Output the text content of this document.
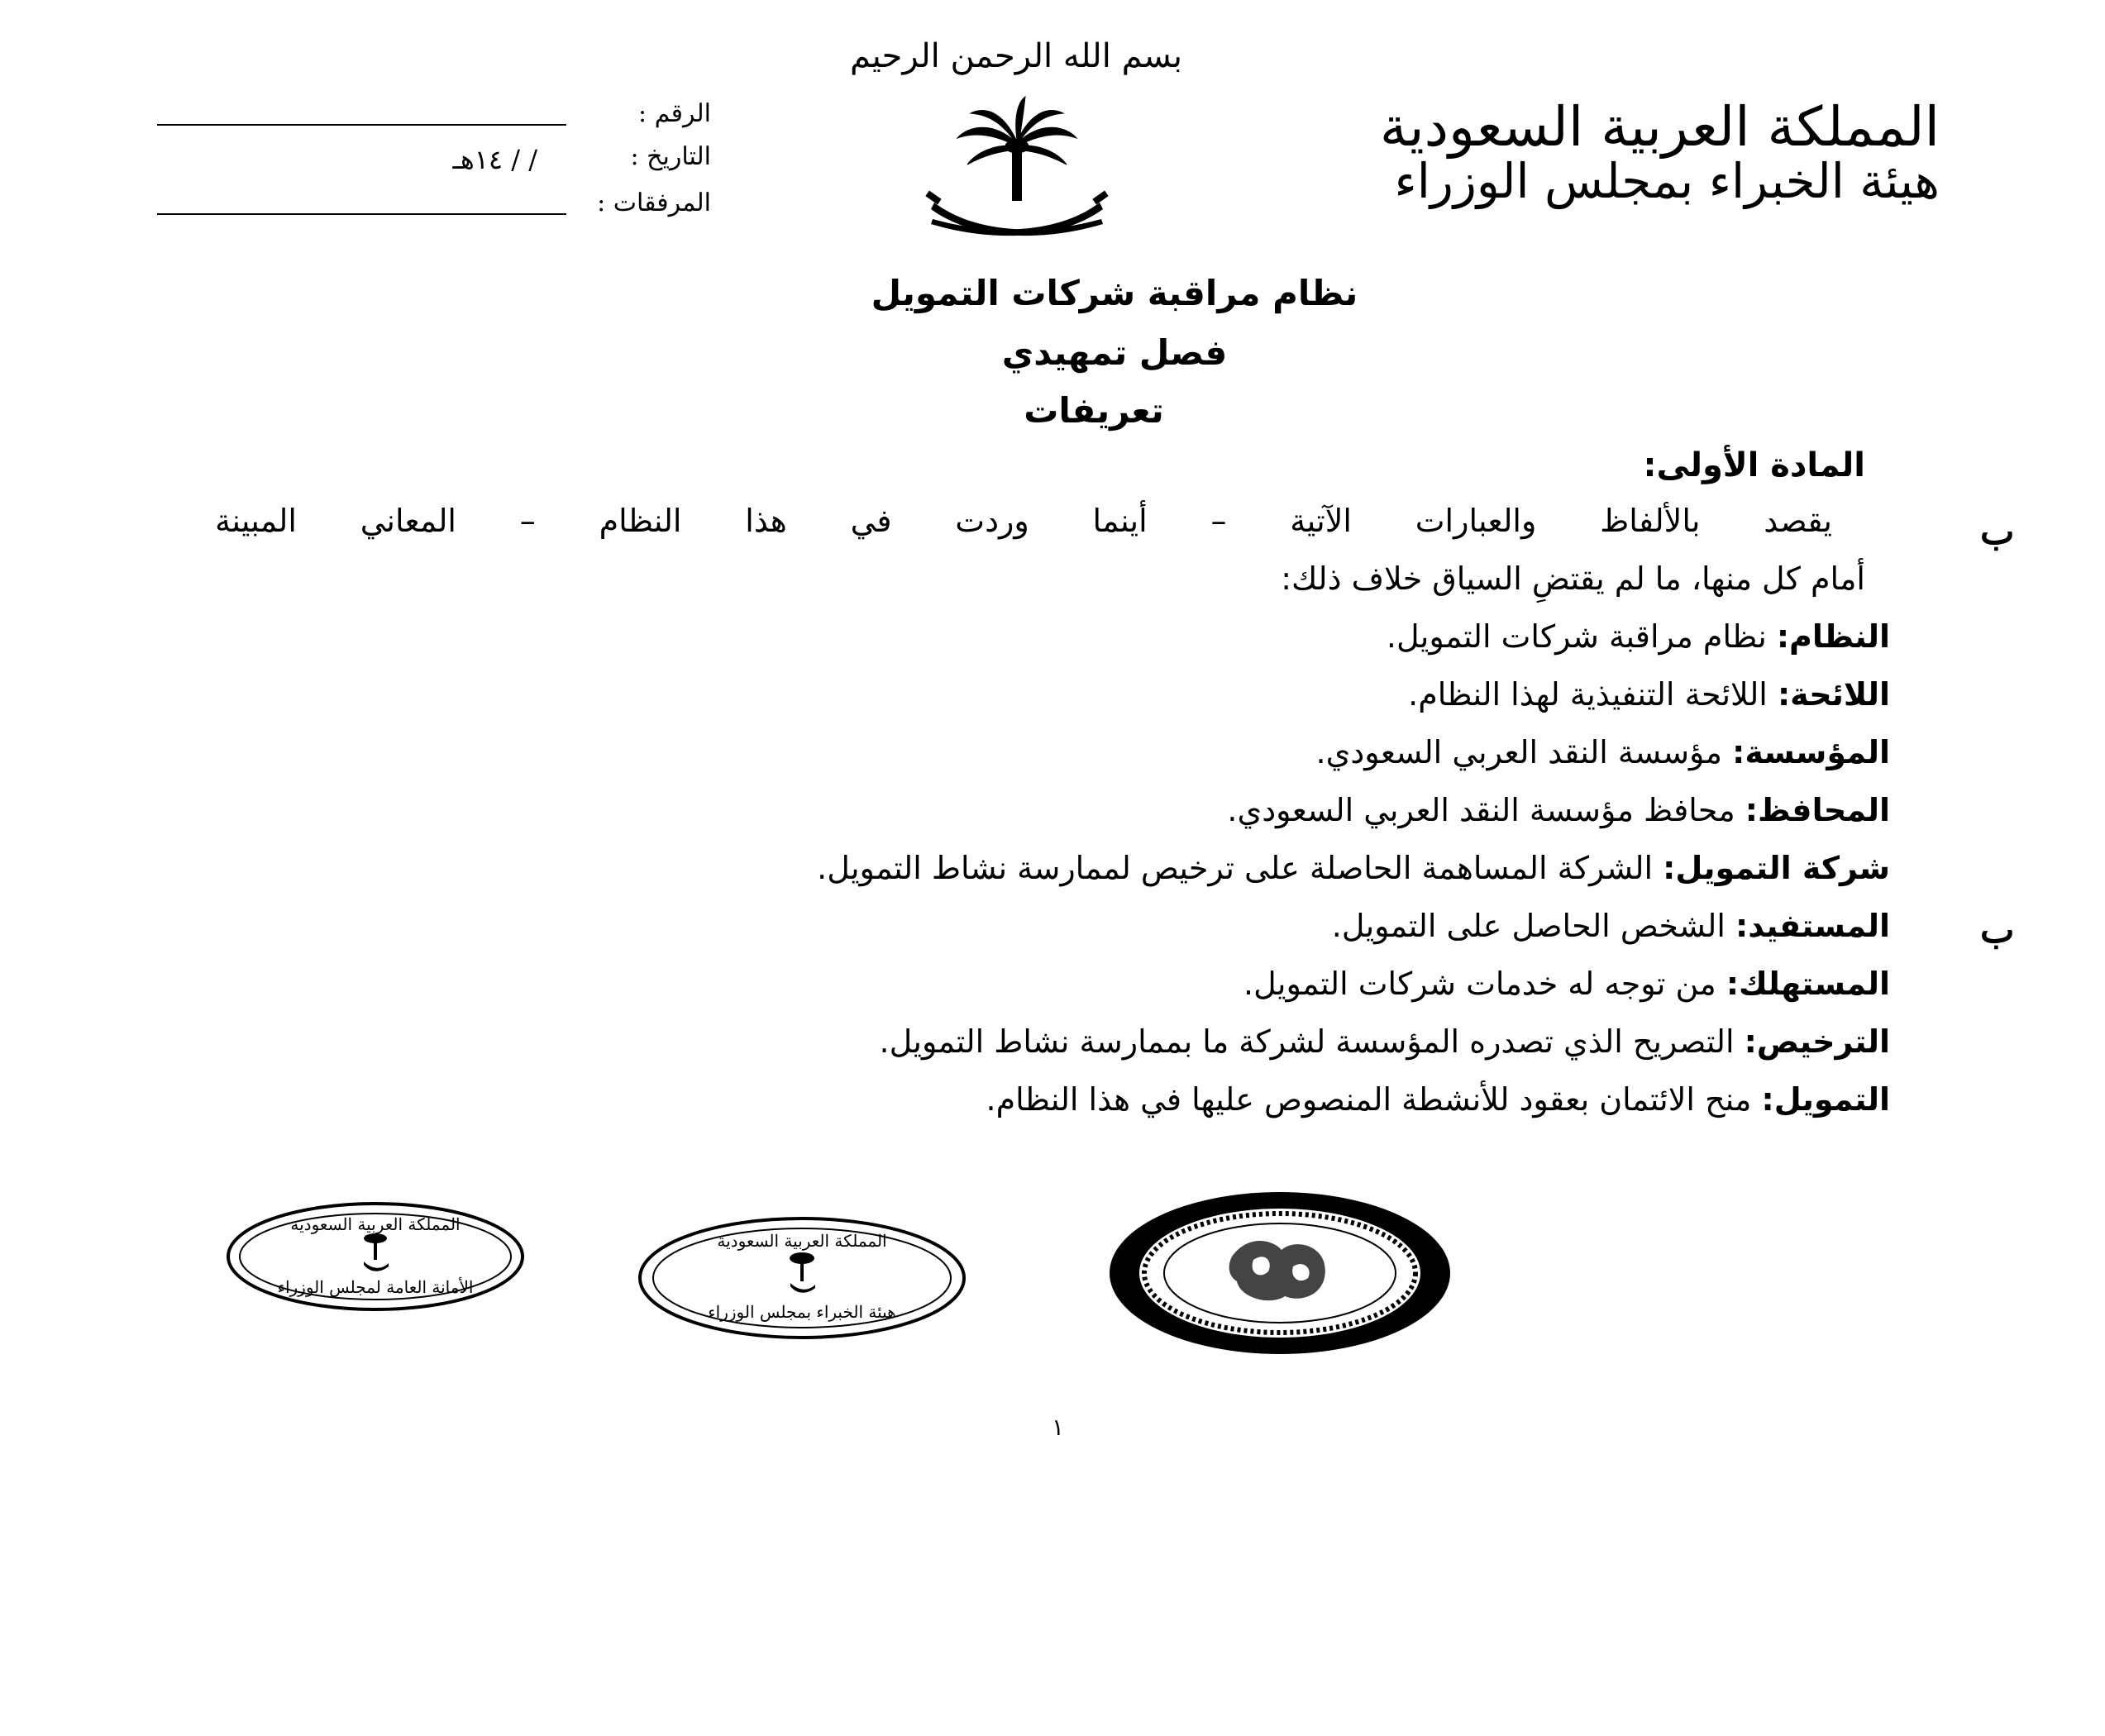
بسم الله الرحمن الرحيم
المملكة العربية السعودية
هيئة الخبراء بمجلس الوزراء
الرقم :
التاريخ :
/ / ١٤هـ
المرفقات :
نظام مراقبة شركات التمويل
فصل تمهيدي
تعريفات
المادة الأولى:
يقصد بالألفاظ والعبارات الآتية – أينما وردت في هذا النظام – المعاني المبينة
أمام كل منها، ما لم يقتضِ السياق خلاف ذلك:
النظام: نظام مراقبة شركات التمويل.
اللائحة: اللائحة التنفيذية لهذا النظام.
المؤسسة: مؤسسة النقد العربي السعودي.
المحافظ: محافظ مؤسسة النقد العربي السعودي.
شركة التمويل: الشركة المساهمة الحاصلة على ترخيص لممارسة نشاط التمويل.
المستفيد: الشخص الحاصل على التمويل.
المستهلك: من توجه له خدمات شركات التمويل.
الترخيص: التصريح الذي تصدره المؤسسة لشركة ما بممارسة نشاط التمويل.
التمويل: منح الائتمان بعقود للأنشطة المنصوص عليها في هذا النظام.
ب
ب
المملكة العربية السعودية
الأمانة العامة لمجلس الوزراء
المملكة العربية السعودية
هيئة الخبراء بمجلس الوزراء
١
